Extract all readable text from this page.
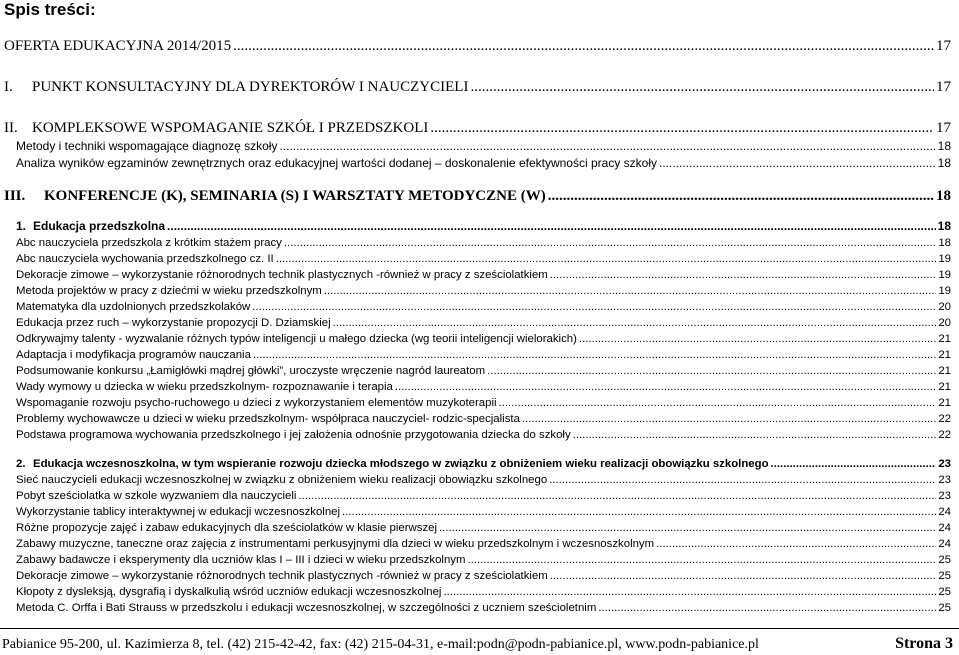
Spis treści:
OFERTA EDUKACYJNA 2014/2015 .....	17
I. PUNKT KONSULTACYJNY DLA DYREKTORÓW I NAUCZYCIELI .....	17
II. KOMPLEKSOWE WSPOMAGANIE SZKÓŁ I PRZEDSZKOLI .....	17
Metody i techniki wspomagające diagnozę szkoły .....	18
Analiza wyników egzaminów zewnętrznych oraz edukacyjnej wartości dodanej – doskonalenie efektywności pracy szkoły .....	18
III. KONFERENCJE (K), SEMINARIA (S) I WARSZTATY METODYCZNE (W) .....	18
1. Edukacja przedszkolna .....	18
Abc nauczyciela przedszkola z krótkim stażem pracy .....	18
Abc nauczyciela wychowania przedszkolnego cz. II .....	19
Dekoracje zimowe – wykorzystanie różnorodnych technik plastycznych -również w pracy z sześciolatkiem .....	19
Metoda projektów w pracy z dziećmi w wieku przedszkolnym .....	19
Matematyka dla uzdolnionych przedszkolaków .....	20
Edukacja przez ruch – wykorzystanie propozycji D. Dziamskiej .....	20
Odkrywajmy talenty - wyzwalanie różnych typów inteligencji u małego dziecka (wg teorii inteligencji wielorakich) .....	21
Adaptacja i modyfikacja programów nauczania .....	21
Podsumowanie konkursu „Łamigłówki mądrej główki”, uroczyste wręczenie nagród laureatom .....	21
Wady wymowy u dziecka w wieku przedszkolnym- rozpoznawanie i terapia .....	21
Wspomaganie rozwoju psycho-ruchowego u dzieci z wykorzystaniem elementów muzykoterapii .....	21
Problemy wychowawcze u dzieci w wieku przedszkolnym- współpraca nauczyciel- rodzic-specjalista .....	22
Podstawa programowa wychowania przedszkolnego i jej założenia odnośnie przygotowania dziecka do szkoły .....	22
2. Edukacja wczesnoszkolna, w tym wspieranie rozwoju dziecka młodszego w związku z obniżeniem wieku realizacji obowiązku szkolnego .....	23
Sieć nauczycieli edukacji wczesnoszkolnej w związku z obniżeniem wieku realizacji obowiązku szkolnego .....	23
Pobyt sześciolatka w szkole wyzwaniem dla nauczycieli .....	23
Wykorzystanie tablicy interaktywnej w edukacji wczesnoszkolnej .....	24
Różne propozycje zajęć i zabaw edukacyjnych dla sześciolatków w klasie pierwszej .....	24
Zabawy muzyczne, taneczne oraz zajęcia z instrumentami perkusyjnymi dla dzieci w wieku przedszkolnym i wczesnoszkolnym .....	24
Zabawy badawcze i eksperymenty dla uczniów klas I – III i dzieci w wieku przedszkolnym .....	25
Dekoracje zimowe – wykorzystanie różnorodnych technik plastycznych -również w pracy z sześciolatkiem .....	25
Kłopoty z dysleksją, dysgrafią i dyskalkulią wśród uczniów edukacji wczesnoszkolnej .....	25
Metoda C. Orffa i Bati Strauss w przedszkolu i edukacji wczesnoszkolnej, w szczególności z uczniem sześcioletnim .....	25
Pabianice 95-200, ul. Kazimierza 8, tel. (42) 215-42-42, fax: (42) 215-04-31, e-mail:podn@podn-pabianice.pl, www.podn-pabianice.pl	Strona 3
